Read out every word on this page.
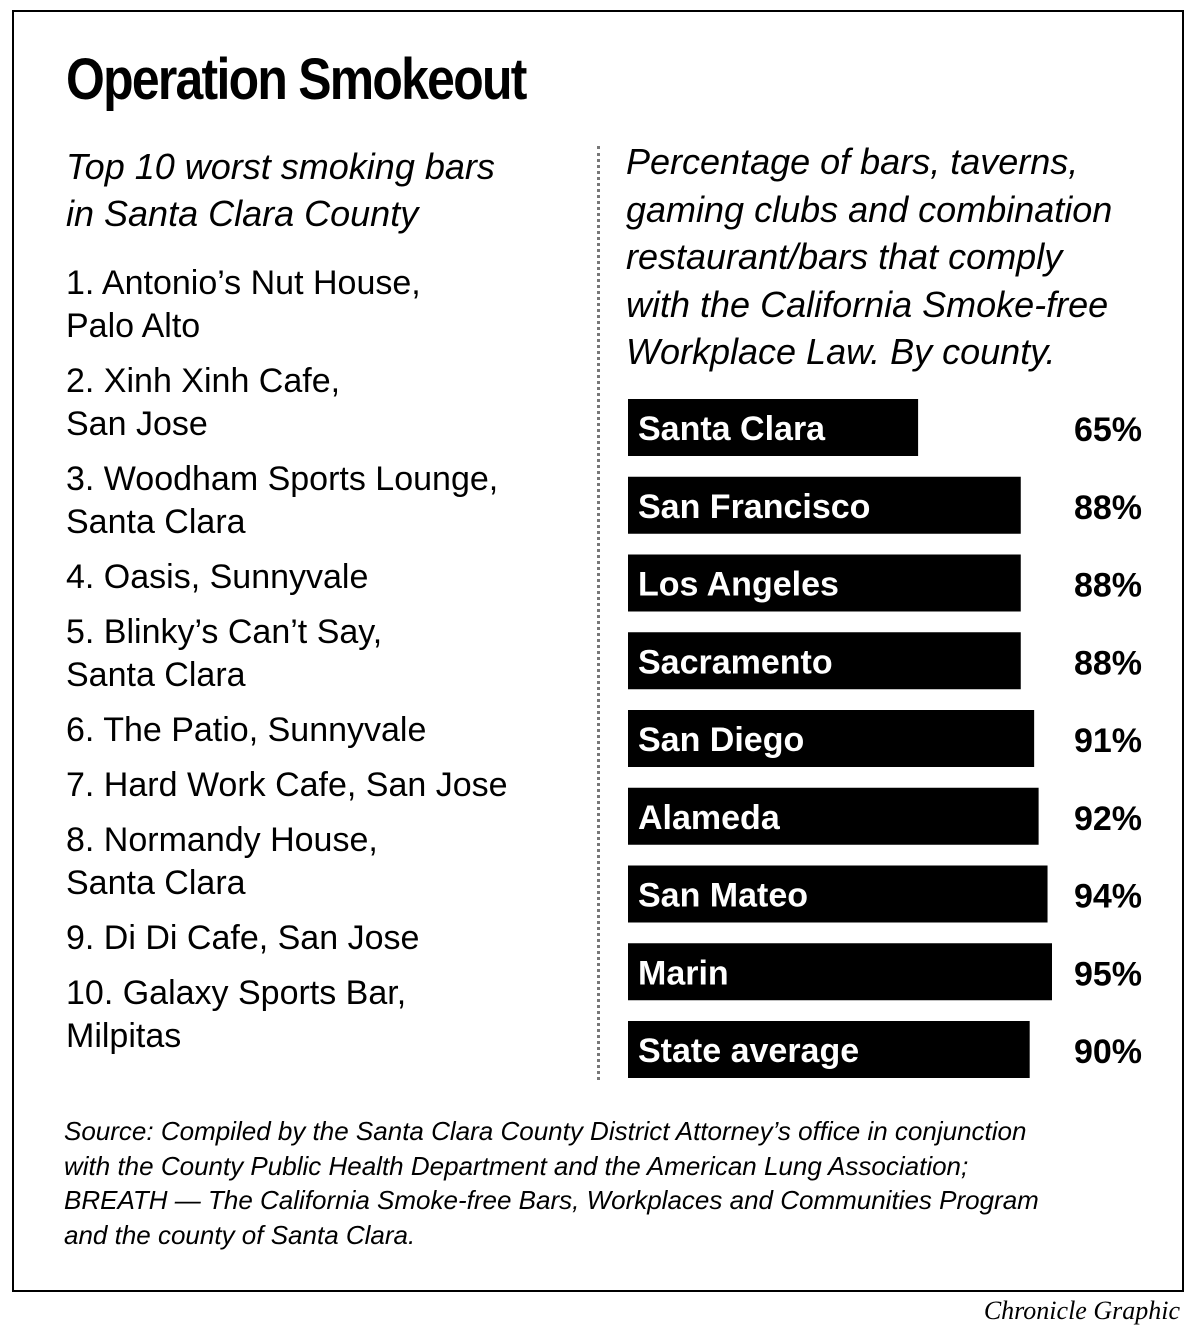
Operation Smokeout
Top 10 worst smoking bars
in Santa Clara County
1. Antonio’s Nut House,
Palo Alto
2. Xinh Xinh Cafe,
San Jose
3. Woodham Sports Lounge,
Santa Clara
4. Oasis, Sunnyvale
5. Blinky’s Can’t Say,
Santa Clara
6. The Patio, Sunnyvale
7. Hard Work Cafe, San Jose
8. Normandy House,
Santa Clara
9. Di Di Cafe, San Jose
10. Galaxy Sports Bar,
Milpitas
Percentage of bars, taverns,
gaming clubs and combination
restaurant/bars that comply
with the California Smoke-free
Workplace Law. By county.
Santa Clara	65%
San Francisco	88%
Los Angeles	88%
Sacramento	88%
San Diego	91%
Alameda	92%
San Mateo	94%
Marin	95%
State average	90%
Source: Compiled by the Santa Clara County District Attorney’s office in conjunction
with the County Public Health Department and the American Lung Association;
BREATH — The California Smoke-free Bars, Workplaces and Communities Program
and the county of Santa Clara.
Chronicle Graphic
